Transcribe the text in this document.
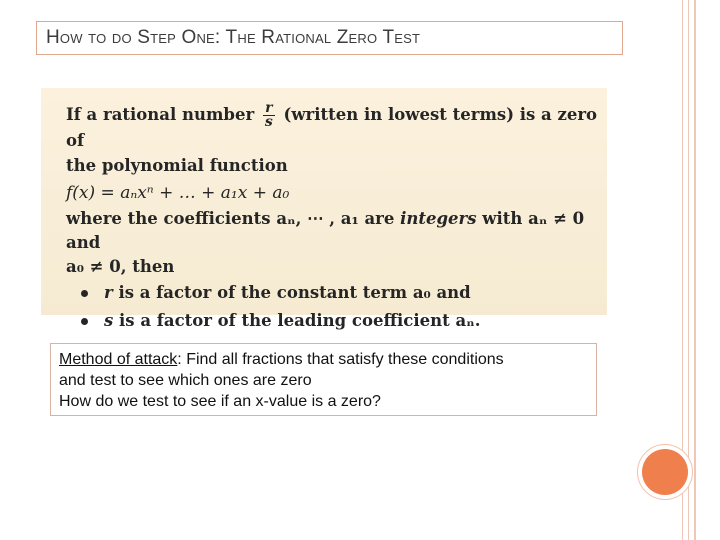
How to do Step One: The Rational Zero Test

If a rational number $\frac{r}{s}$ (written in lowest terms) is a zero of

the polynomial function

f(x) = aₙxⁿ + … + a₁x + a₀

where the coefficients aₙ, ⋯ , a₁ are integers with aₙ ≠ 0 and

a₀ ≠ 0, then

r is a factor of the constant term a₀ and

s is a factor of the leading coefficient aₙ.

Method of attack: Find all fractions that satisfy these conditions
and test to see which ones are zero
How do we test to see if an x-value is a zero?
